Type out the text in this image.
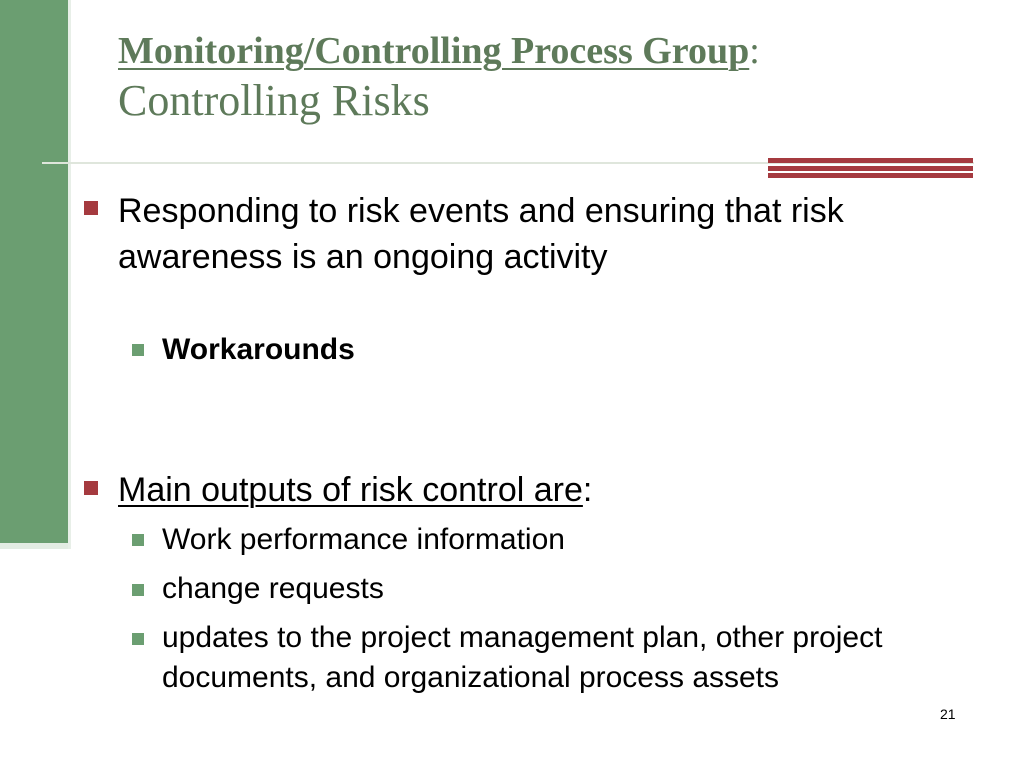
Monitoring/Controlling Process Group:
Controlling Risks
Responding to risk events and ensuring that risk
awareness is an ongoing activity
Workarounds
Main outputs of risk control are:
Work performance information
change requests
updates to the project management plan, other project
documents, and organizational process assets
21
